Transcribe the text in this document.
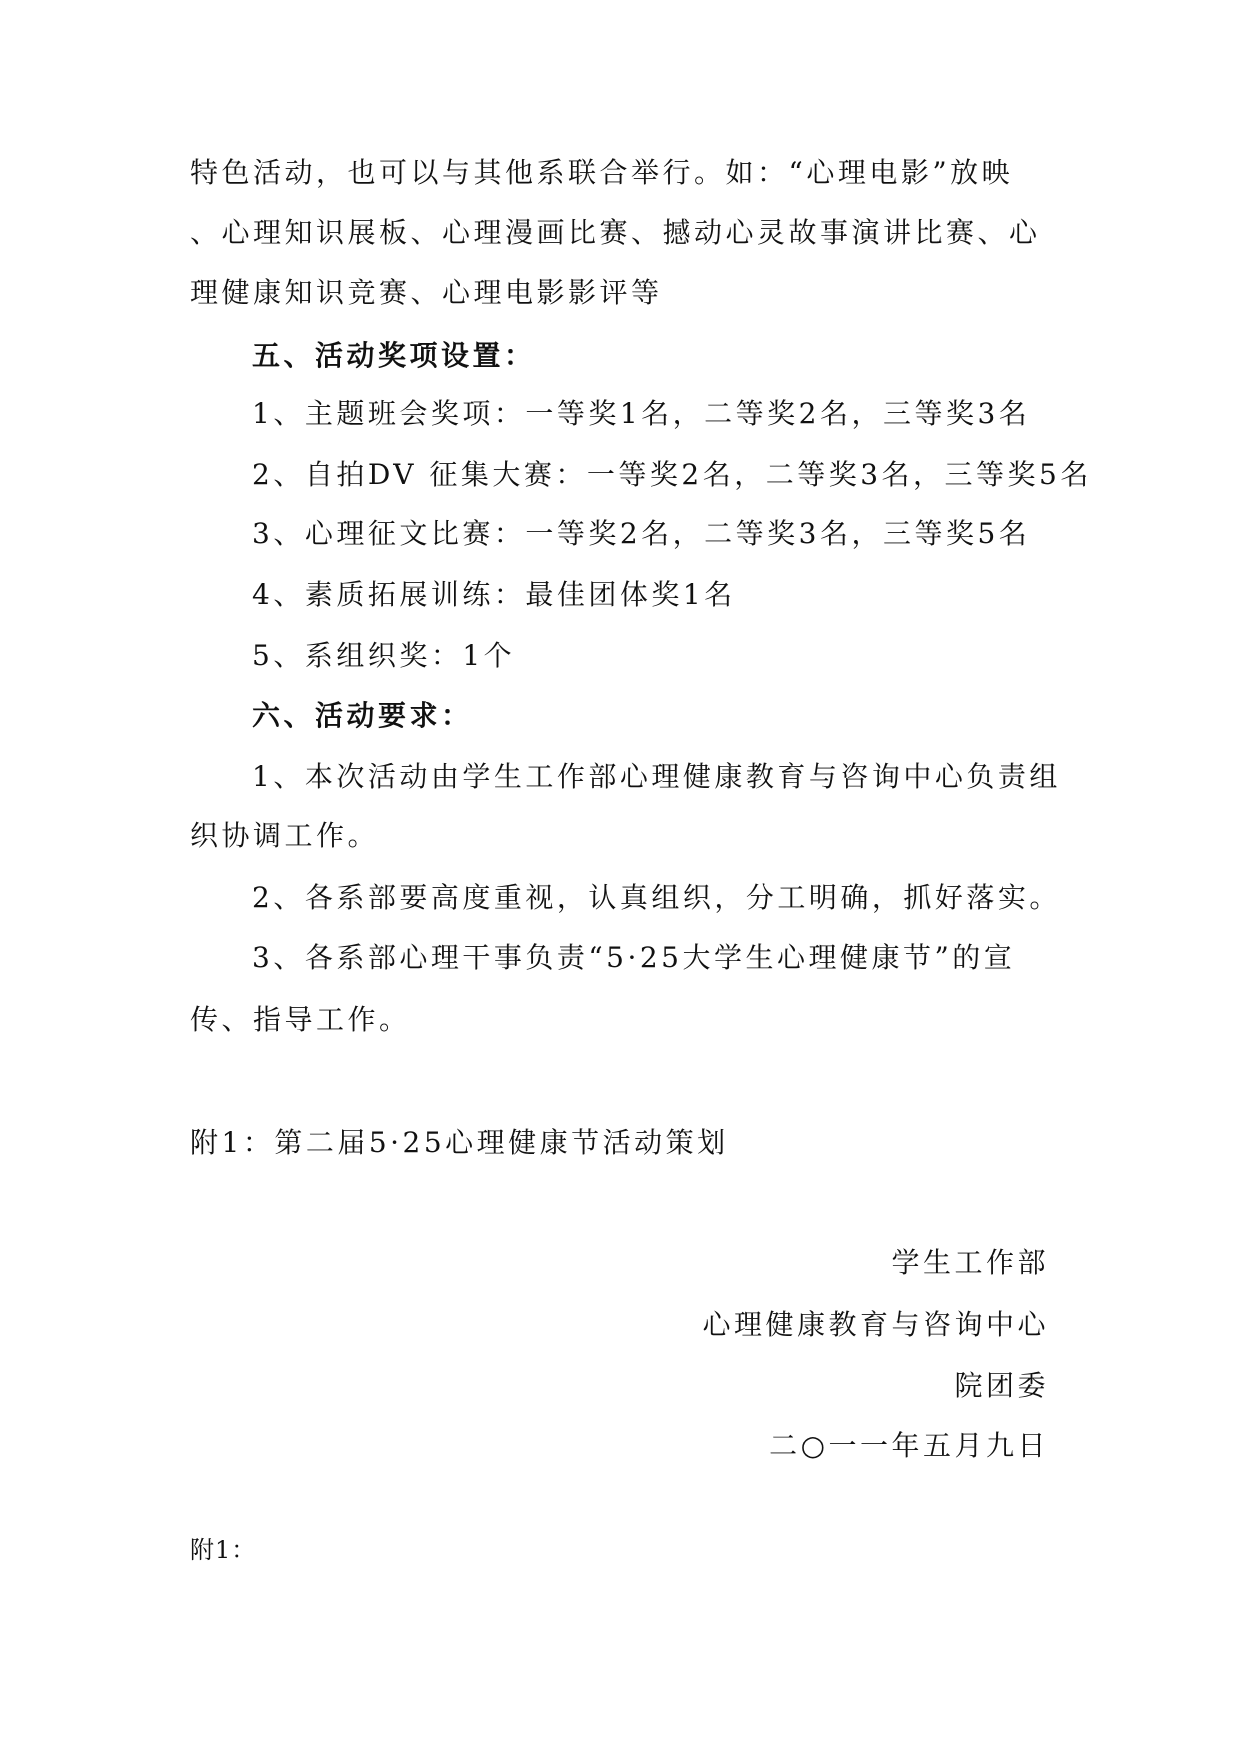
特色活动，也可以与其他系联合举行。如：“心理电影”放映
、心理知识展板、心理漫画比赛、撼动心灵故事演讲比赛、心
理健康知识竞赛、心理电影影评等
五、活动奖项设置：
1、主题班会奖项：一等奖1名，二等奖2名，三等奖3名
2、自拍DV 征集大赛：一等奖2名，二等奖3名，三等奖5名
3、心理征文比赛：一等奖2名，二等奖3名，三等奖5名
4、素质拓展训练：最佳团体奖1名
5、系组织奖：1个
六、活动要求：
1、本次活动由学生工作部心理健康教育与咨询中心负责组
织协调工作。
2、各系部要高度重视，认真组织，分工明确，抓好落实。
3、各系部心理干事负责“5·25大学生心理健康节”的宣
传、指导工作。
附1：第二届5·25心理健康节活动策划
学生工作部
心理健康教育与咨询中心
院团委
二○一一年五月九日
附1：
